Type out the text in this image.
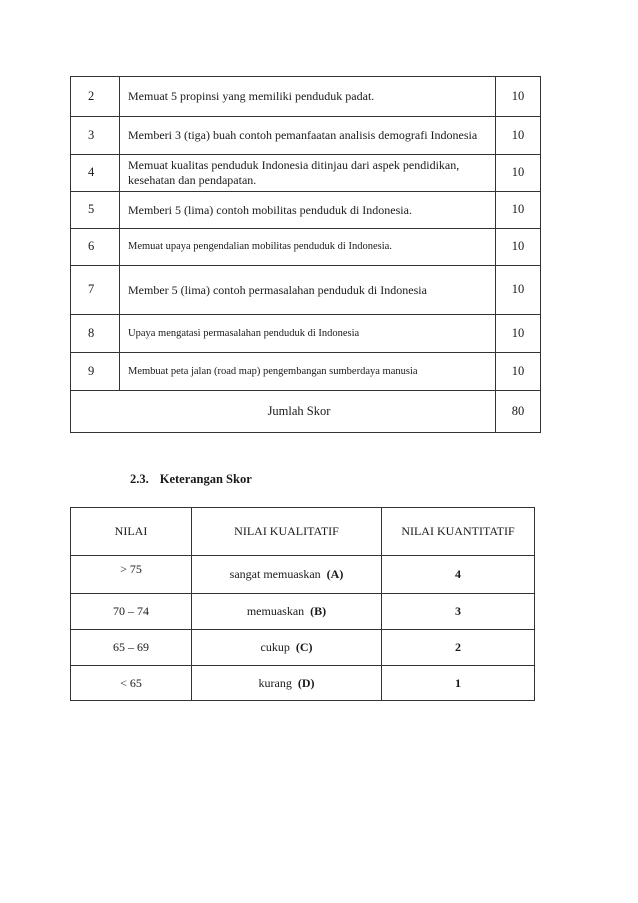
2	Memuat 5 propinsi yang memiliki penduduk padat.	10
3	Memberi 3 (tiga) buah contoh pemanfaatan analisis demografi Indonesia	10
4	Memuat kualitas penduduk Indonesia ditinjau dari aspek pendidikan, kesehatan dan pendapatan.	10
5	Memberi 5 (lima) contoh mobilitas penduduk di Indonesia.	10
6	Memuat upaya pengendalian mobilitas penduduk di Indonesia.	10
7	Member 5 (lima) contoh permasalahan penduduk di Indonesia	10
8	Upaya mengatasi permasalahan penduduk di Indonesia	10
9	Membuat peta jalan (road map) pengembangan sumberdaya manusia	10
Jumlah Skor		80

2.3. Keterangan Skor

NILAI	NILAI KUALITATIF	NILAI KUANTITATIF
> 75	sangat memuaskan (A)	4
70 – 74	memuaskan (B)	3
65 – 69	cukup (C)	2
< 65	kurang (D)	1
